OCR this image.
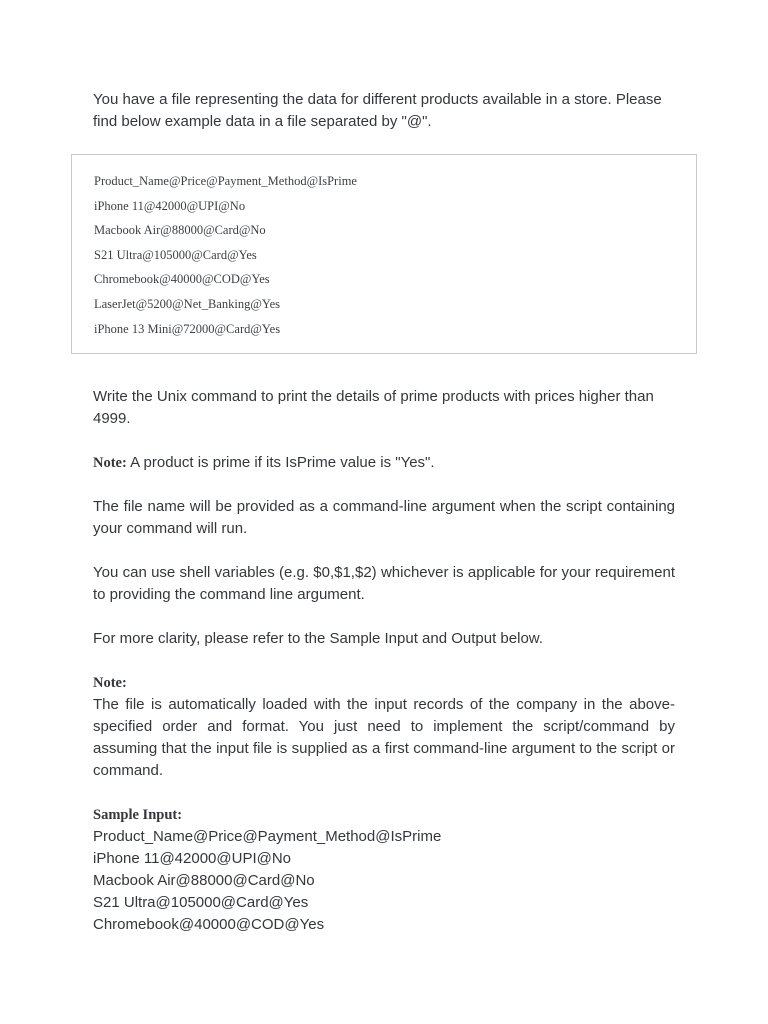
You have a file representing the data for different products available in a store. Please find below example data in a file separated by "@".

Product_Name@Price@Payment_Method@IsPrime
iPhone 11@42000@UPI@No
Macbook Air@88000@Card@No
S21 Ultra@105000@Card@Yes
Chromebook@40000@COD@Yes
LaserJet@5200@Net_Banking@Yes
iPhone 13 Mini@72000@Card@Yes

Write the Unix command to print the details of prime products with prices higher than 4999.

Note: A product is prime if its IsPrime value is "Yes".

The file name will be provided as a command-line argument when the script containing your command will run.

You can use shell variables (e.g. $0,$1,$2) whichever is applicable for your requirement to providing the command line argument.

For more clarity, please refer to the Sample Input and Output below.

Note:

The file is automatically loaded with the input records of the company in the above-specified order and format. You just need to implement the script/command by assuming that the input file is supplied as a first command-line argument to the script or command.

Sample Input:

Product_Name@Price@Payment_Method@IsPrime

iPhone 11@42000@UPI@No

Macbook Air@88000@Card@No

S21 Ultra@105000@Card@Yes

Chromebook@40000@COD@Yes
